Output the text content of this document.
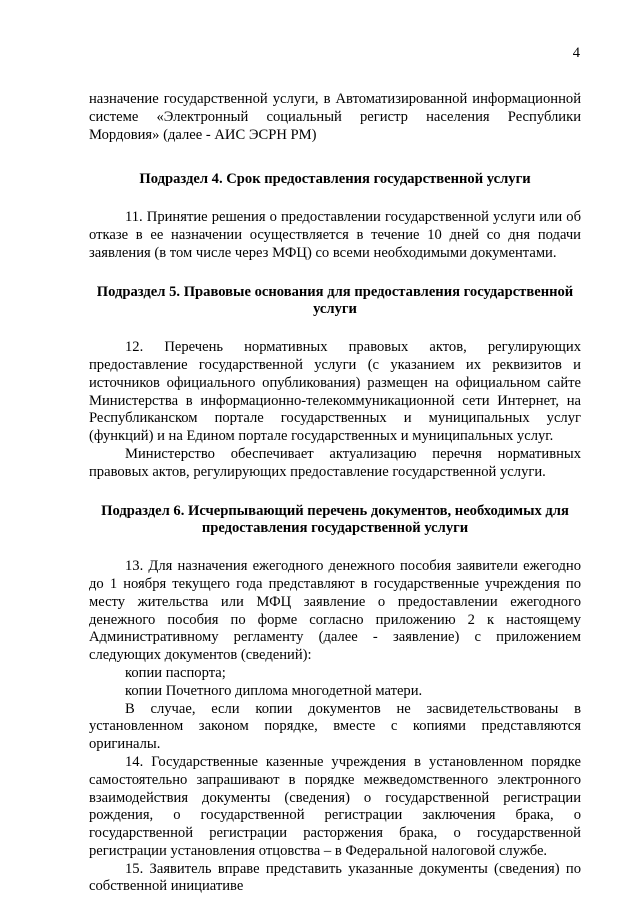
4

назначение государственной услуги, в Автоматизированной информационной системе «Электронный социальный регистр населения Республики Мордовия» (далее - АИС ЭСРН РМ)

Подраздел 4. Срок предоставления государственной услуги

11. Принятие решения о предоставлении государственной услуги или об отказе в ее назначении осуществляется в течение 10 дней со дня подачи заявления (в том числе через МФЦ) со всеми необходимыми документами.

Подраздел 5. Правовые основания для предоставления государственной услуги

12. Перечень нормативных правовых актов, регулирующих предоставление государственной услуги (с указанием их реквизитов и источников официального опубликования) размещен на официальном сайте Министерства в информационно-телекоммуникационной сети Интернет, на Республиканском портале государственных и муниципальных услуг (функций) и на Едином портале государственных и муниципальных услуг.

Министерство обеспечивает актуализацию перечня нормативных правовых актов, регулирующих предоставление государственной услуги.

Подраздел 6. Исчерпывающий перечень документов, необходимых для предоставления государственной услуги

13. Для назначения ежегодного денежного пособия заявители ежегодно до 1 ноября текущего года представляют в государственные учреждения по месту жительства или МФЦ заявление о предоставлении ежегодного денежного пособия по форме согласно приложению 2 к настоящему Административному регламенту (далее - заявление) с приложением следующих документов (сведений):

копии паспорта;

копии Почетного диплома многодетной матери.

В случае, если копии документов не засвидетельствованы в установленном законом порядке, вместе с копиями представляются оригиналы.

14. Государственные казенные учреждения в установленном порядке самостоятельно запрашивают в порядке межведомственного электронного взаимодействия документы (сведения) о государственной регистрации рождения, о государственной регистрации заключения брака, о государственной регистрации расторжения брака, о государственной регистрации установления отцовства – в Федеральной налоговой службе.

15. Заявитель вправе представить указанные документы (сведения) по собственной инициативе
